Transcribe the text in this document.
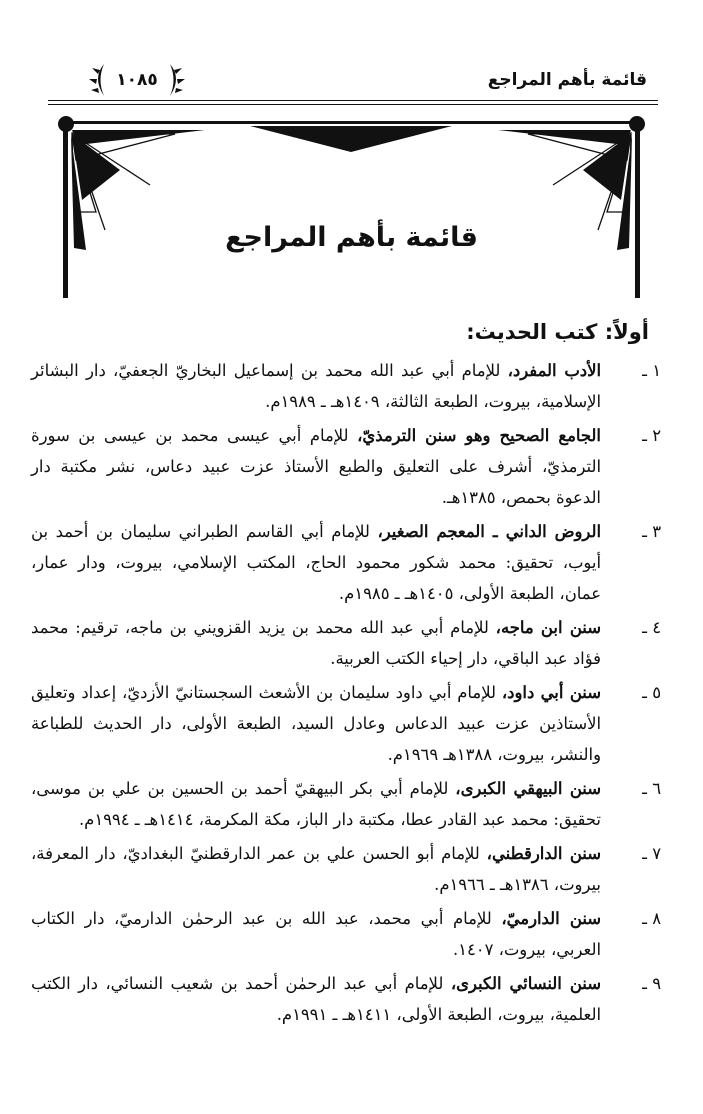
قائمة بأهم المراجع
١٠٨٥
قائمة بأهم المراجع
أولاً: كتب الحديث:
١ ـ
الأدب المفرد، للإمام أبي عبد الله محمد بن إسماعيل البخاريّ الجعفيّ، دار البشائر الإسلامية، بيروت، الطبعة الثالثة، ١٤٠٩هـ ـ ١٩٨٩م.
٢ ـ
الجامع الصحيح وهو سنن الترمذيّ، للإمام أبي عيسى محمد بن عيسى بن سورة الترمذيّ، أشرف على التعليق والطبع الأستاذ عزت عبيد دعاس، نشر مكتبة دار الدعوة بحمص، ١٣٨٥هـ.
٣ ـ
الروض الداني ـ المعجم الصغير، للإمام أبي القاسم الطبراني سليمان بن أحمد بن أيوب، تحقيق: محمد شكور محمود الحاج، المكتب الإسلامي، بيروت، ودار عمار، عمان، الطبعة الأولى، ١٤٠٥هـ ـ ١٩٨٥م.
٤ ـ
سنن ابن ماجه، للإمام أبي عبد الله محمد بن يزيد القزويني بن ماجه، ترقيم: محمد فؤاد عبد الباقي، دار إحياء الكتب العربية.
٥ ـ
سنن أبي داود، للإمام أبي داود سليمان بن الأشعث السجستانيّ الأزديّ، إعداد وتعليق الأستاذين عزت عبيد الدعاس وعادل السيد، الطبعة الأولى، دار الحديث للطباعة والنشر، بيروت، ١٣٨٨هـ ١٩٦٩م.
٦ ـ
سنن البيهقي الكبرى، للإمام أبي بكر البيهقيّ أحمد بن الحسين بن علي بن موسى، تحقيق: محمد عبد القادر عطا، مكتبة دار الباز، مكة المكرمة، ١٤١٤هـ ـ ١٩٩٤م.
٧ ـ
سنن الدارقطني، للإمام أبو الحسن علي بن عمر الدارقطنيّ البغداديّ، دار المعرفة، بيروت، ١٣٨٦هـ ـ ١٩٦٦م.
٨ ـ
سنن الدارميّ، للإمام أبي محمد، عبد الله بن عبد الرحمٰن الدارميّ، دار الكتاب العربي، بيروت، ١٤٠٧.
٩ ـ
سنن النسائي الكبرى، للإمام أبي عبد الرحمٰن أحمد بن شعيب النسائي، دار الكتب العلمية، بيروت، الطبعة الأولى، ١٤١١هـ ـ ١٩٩١م.
